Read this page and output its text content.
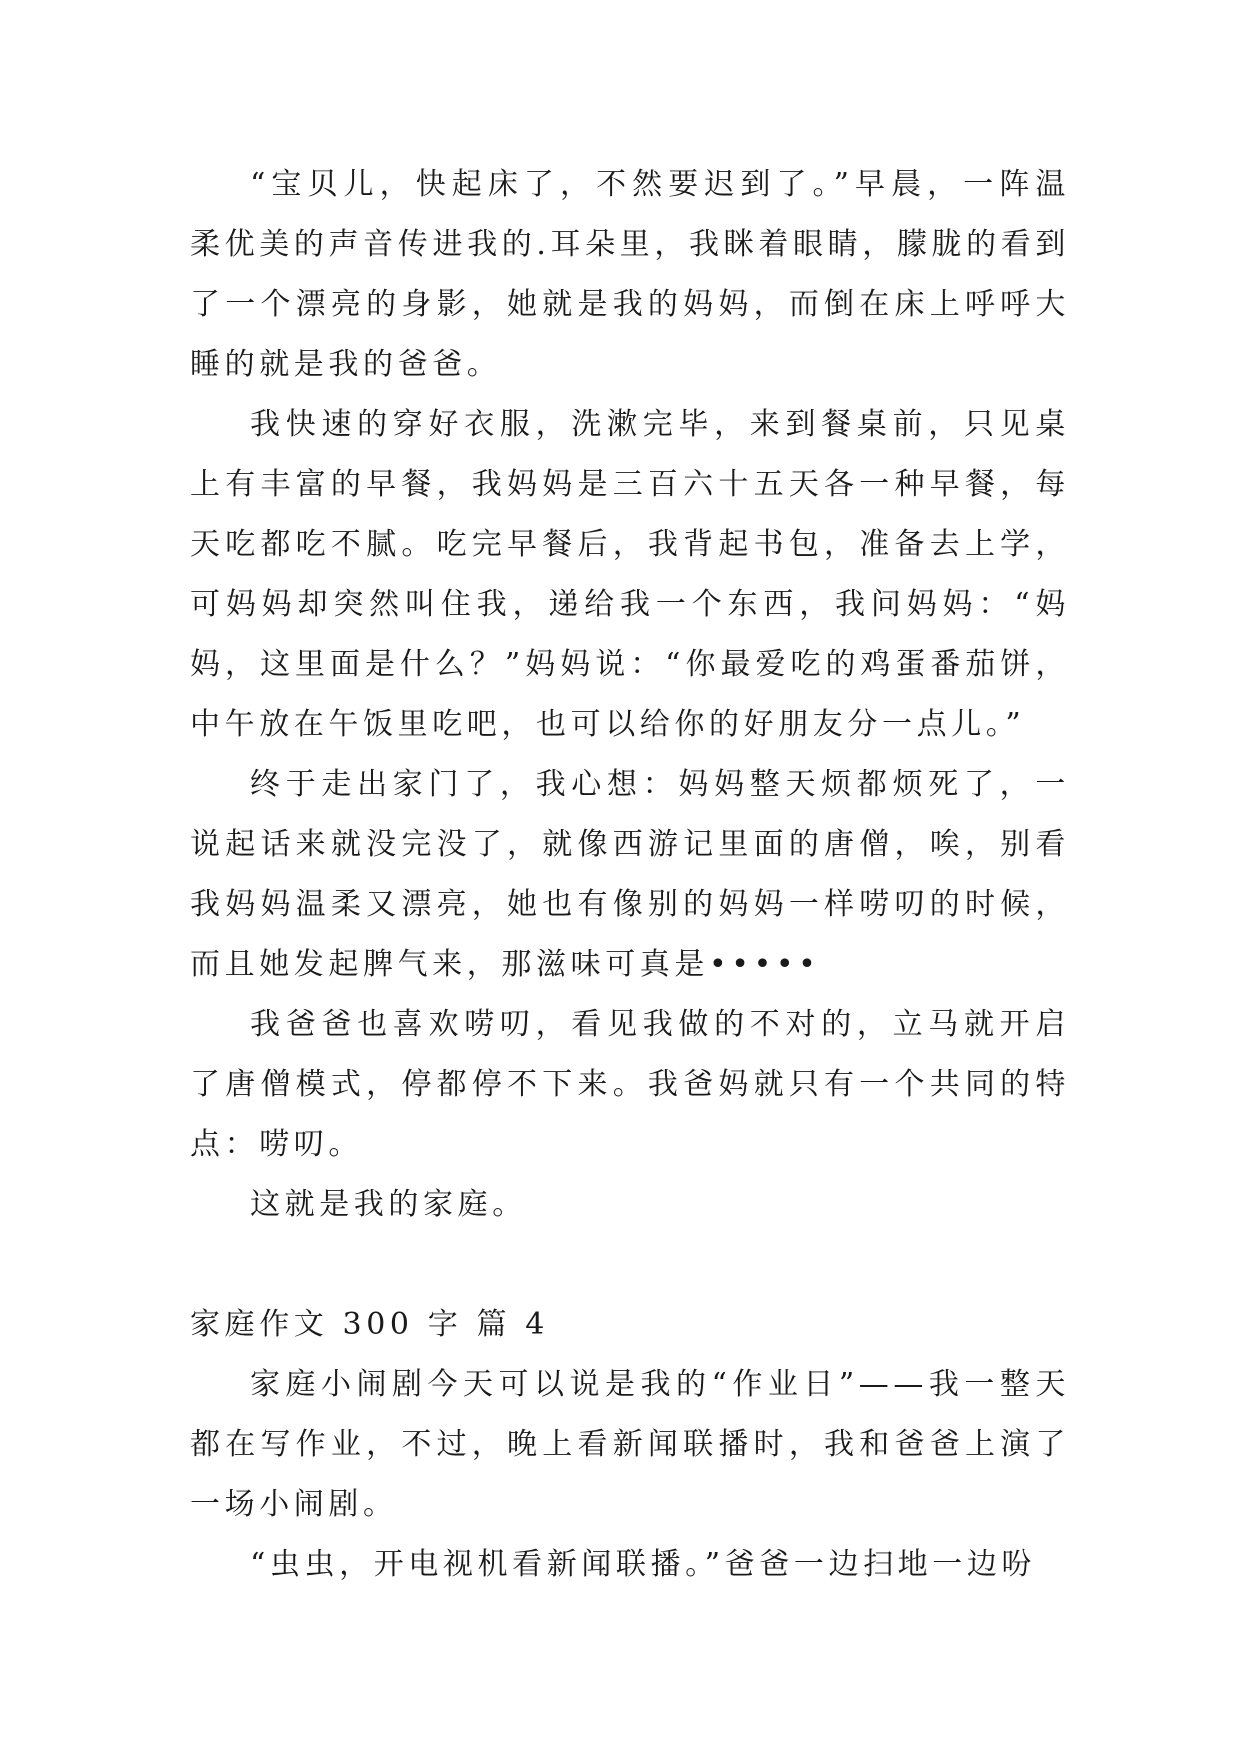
“宝贝儿，快起床了，不然要迟到了。”早晨，一阵温柔优美的声音传进我的.耳朵里，我眯着眼睛，朦胧的看到了一个漂亮的身影，她就是我的妈妈，而倒在床上呼呼大睡的就是我的爸爸。

我快速的穿好衣服，洗漱完毕，来到餐桌前，只见桌上有丰富的早餐，我妈妈是三百六十五天各一种早餐，每天吃都吃不腻。吃完早餐后，我背起书包，准备去上学，可妈妈却突然叫住我，递给我一个东西，我问妈妈：“妈妈，这里面是什么？”妈妈说：“你最爱吃的鸡蛋番茄饼，中午放在午饭里吃吧，也可以给你的好朋友分一点儿。”

终于走出家门了，我心想：妈妈整天烦都烦死了，一说起话来就没完没了，就像西游记里面的唐僧，唉，别看我妈妈温柔又漂亮，她也有像别的妈妈一样唠叨的时候，而且她发起脾气来，那滋味可真是•••••

我爸爸也喜欢唠叨，看见我做的不对的，立马就开启了唐僧模式，停都停不下来。我爸妈就只有一个共同的特点：唠叨。

这就是我的家庭。

家庭作文 300 字 篇 4

家庭小闹剧今天可以说是我的“作业日”——我一整天都在写作业，不过，晚上看新闻联播时，我和爸爸上演了一场小闹剧。

“虫虫，开电视机看新闻联播。”爸爸一边扫地一边吩
